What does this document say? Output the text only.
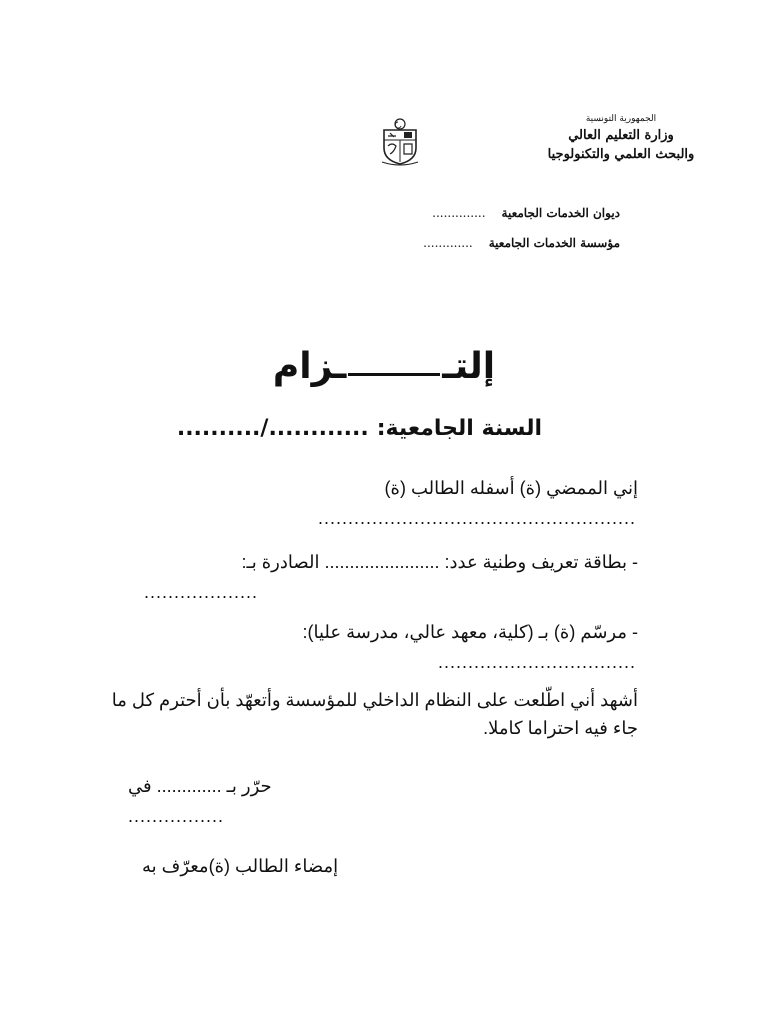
الجمهورية التونسية
وزارة التعليم العالي
والبحث العلمي والتكنولوجيا
ديوان الخدمات الجامعية..............
مؤسسة الخدمات الجامعية.............
إلتــزام
السنة الجامعية:............/..........
إني الممضي (ة) أسفله الطالب (ة)
.....................................................
- بطاقة تعريف وطنية عدد: ....................... الصادرة بـ:
...................
- مرسّم (ة) بـ (كلية، معهد عالي، مدرسة عليا):
.................................
أشهد أني اطّلعت على النظام الداخلي للمؤسسة وأتعهّد بأن أحترم كل ما
جاء فيه احتراما كاملا.
حرّر بـ ............. في
................
إمضاء الطالب (ة)معرّف به
